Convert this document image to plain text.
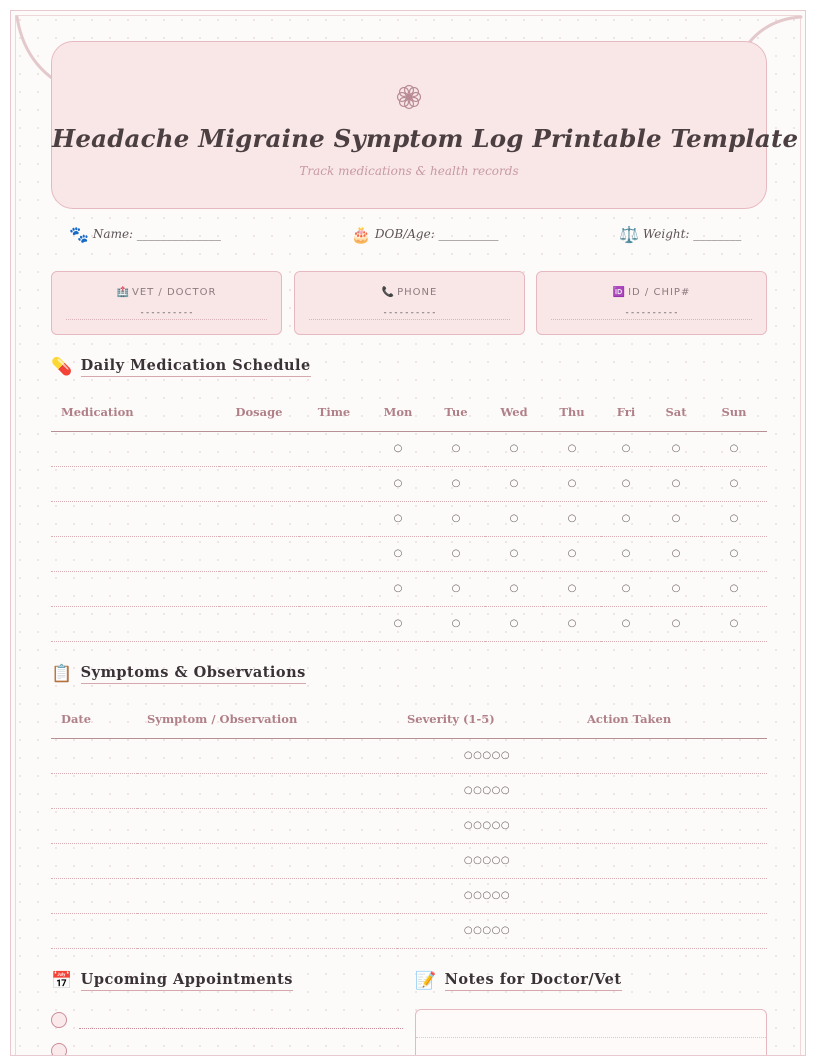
Headache Migraine Symptom Log Printable Template
Track medications & health records
🐾 Name: ______________	🎂 DOB/Age: __________	⚖️ Weight: ________
🏥 VET / DOCTOR
----------
📞 PHONE
----------
🆔 ID / CHIP#
----------
💊 Daily Medication Schedule
Medication	Dosage	Time	Mon	Tue	Wed	Thu	Fri	Sat	Sun
			○	○	○	○	○	○	○
			○	○	○	○	○	○	○
			○	○	○	○	○	○	○
			○	○	○	○	○	○	○
			○	○	○	○	○	○	○
			○	○	○	○	○	○	○
📋 Symptoms & Observations
Date	Symptom / Observation	Severity (1-5)	Action Taken
		○○○○○	
		○○○○○	
		○○○○○	
		○○○○○	
		○○○○○	
		○○○○○	
📅 Upcoming Appointments	📝 Notes for Doctor/Vet
